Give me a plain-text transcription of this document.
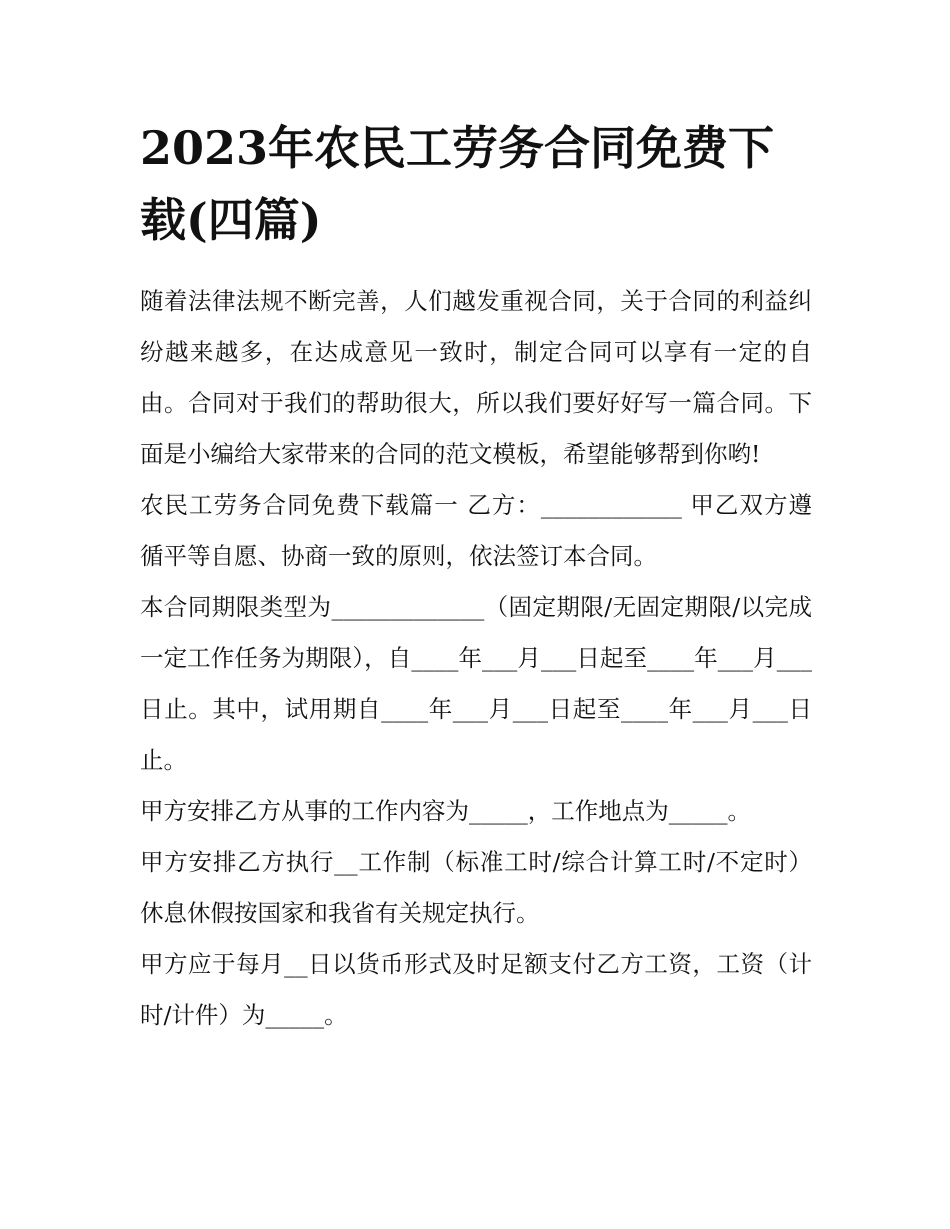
2023年农民工劳务合同免费下载(四篇)

随着法律法规不断完善，人们越发重视合同，关于合同的利益纠纷越来越多，在达成意见一致时，制定合同可以享有一定的自由。合同对于我们的帮助很大，所以我们要好好写一篇合同。下面是小编给大家带来的合同的范文模板，希望能够帮到你哟!

农民工劳务合同免费下载篇一 乙方：____________ 甲乙双方遵循平等自愿、协商一致的原则，依法签订本合同。

本合同期限类型为_____________（固定期限/无固定期限/以完成一定工作任务为期限），自____年___月___日起至____年___月___日止。其中，试用期自____年___月___日起至____年___月___日止。

甲方安排乙方从事的工作内容为_____，工作地点为_____。

甲方安排乙方执行__工作制（标准工时/综合计算工时/不定时）休息休假按国家和我省有关规定执行。

甲方应于每月__日以货币形式及时足额支付乙方工资，工资（计时/计件）为_____。
